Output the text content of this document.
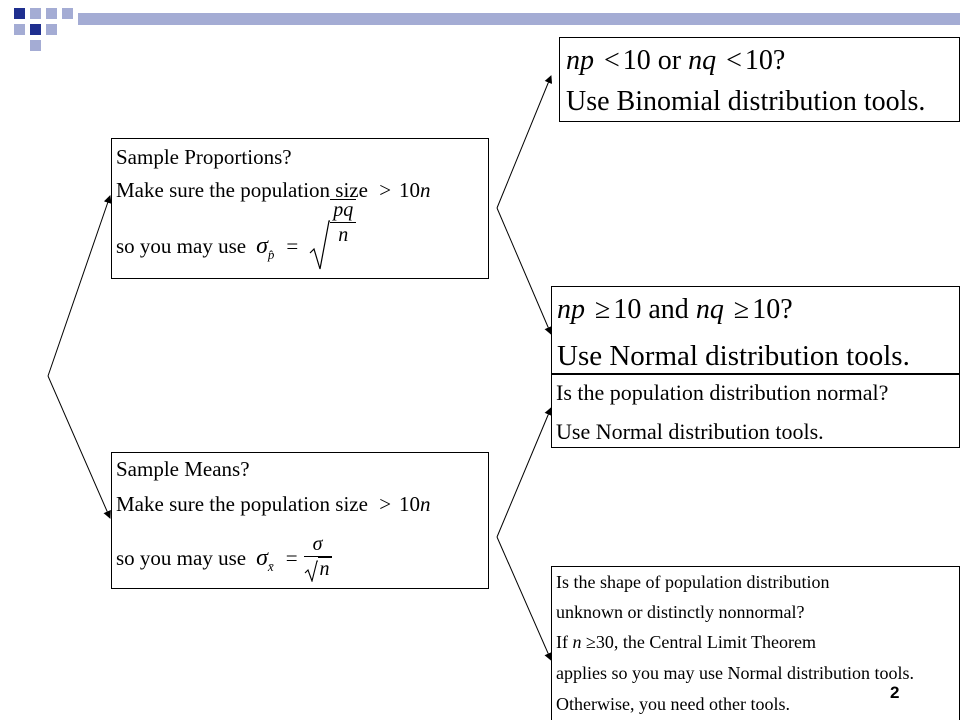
Sample Proportions?
Make sure the population size > 10n
so you may use σ p̂ =
$\frac{pq}{n}$
Sample Means?
Make sure the population size > 10n
so you may use σ x̄ = $\frac{\sigma}{n}$
np < 10 or nq < 10?
Use Binomial distribution tools.
np ≥ 10 and nq ≥ 10?
Use Normal distribution tools.
Is the population distribution normal?
Use Normal distribution tools.
Is the shape of population distribution
unknown or distinctly nonnormal?
If n ≥30, the Central Limit Theorem
applies so you may use Normal distribution tools.
Otherwise, you need other tools.
2
